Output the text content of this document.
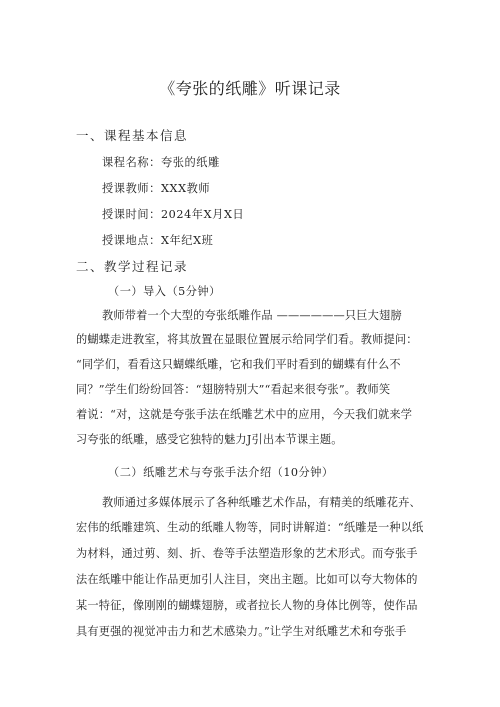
《夸张的纸雕》听课记录
一、课程基本信息
课程名称：夸张的纸雕
授课教师：XXX教师
授课时间：2024年X月X日
授课地点：X年纪X班
二、教学过程记录
（一）导入（5分钟）
教师带着一个大型的夸张纸雕作品 ——————只巨大翅膀
的蝴蝶走进教室，将其放置在显眼位置展示给同学们看。教师提问：
“同学们，看看这只蝴蝶纸雕，它和我们平时看到的蝴蝶有什么不
同？”学生们纷纷回答：“翅膀特别大”“看起来很夸张”。教师笑
着说：“对，这就是夸张手法在纸雕艺术中的应用，今天我们就来学
习夸张的纸雕，感受它独特的魅力J引出本节课主题。
（二）纸雕艺术与夸张手法介绍（10分钟）
教师通过多媒体展示了各种纸雕艺术作品，有精美的纸雕花卉、
宏伟的纸雕建筑、生动的纸雕人物等，同时讲解道：“纸雕是一种以纸
为材料，通过剪、刻、折、卷等手法塑造形象的艺术形式。而夸张手
法在纸雕中能让作品更加引人注目，突出主题。比如可以夸大物体的
某一特征，像刚刚的蝴蝶翅膀，或者拉长人物的身体比例等，使作品
具有更强的视觉冲击力和艺术感染力。”让学生对纸雕艺术和夸张手
